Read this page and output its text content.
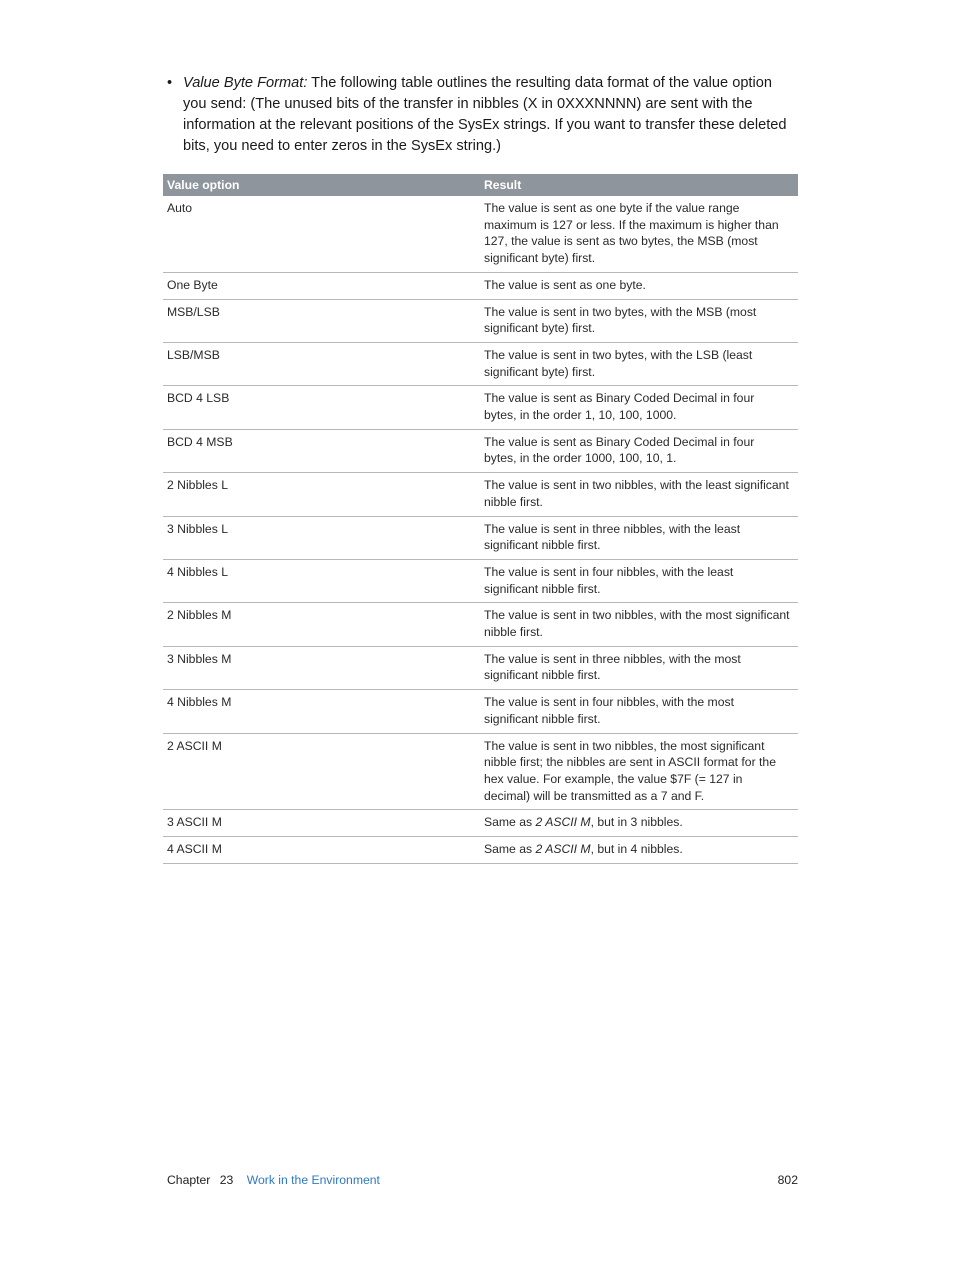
• Value Byte Format: The following table outlines the resulting data format of the value option you send: (The unused bits of the transfer in nibbles (X in 0XXXNNNN) are sent with the information at the relevant positions of the SysEx strings. If you want to transfer these deleted bits, you need to enter zeros in the SysEx string.)
Value option	Result
Auto	The value is sent as one byte if the value range maximum is 127 or less. If the maximum is higher than 127, the value is sent as two bytes, the MSB (most significant byte) first.
One Byte	The value is sent as one byte.
MSB/LSB	The value is sent in two bytes, with the MSB (most significant byte) first.
LSB/MSB	The value is sent in two bytes, with the LSB (least significant byte) first.
BCD 4 LSB	The value is sent as Binary Coded Decimal in four bytes, in the order 1, 10, 100, 1000.
BCD 4 MSB	The value is sent as Binary Coded Decimal in four bytes, in the order 1000, 100, 10, 1.
2 Nibbles L	The value is sent in two nibbles, with the least significant nibble first.
3 Nibbles L	The value is sent in three nibbles, with the least significant nibble first.
4 Nibbles L	The value is sent in four nibbles, with the least significant nibble first.
2 Nibbles M	The value is sent in two nibbles, with the most significant nibble first.
3 Nibbles M	The value is sent in three nibbles, with the most significant nibble first.
4 Nibbles M	The value is sent in four nibbles, with the most significant nibble first.
2 ASCII M	The value is sent in two nibbles, the most significant nibble first; the nibbles are sent in ASCII format for the hex value. For example, the value $7F (= 127 in decimal) will be transmitted as a 7 and F.
3 ASCII M	Same as 2 ASCII M, but in 3 nibbles.
4 ASCII M	Same as 2 ASCII M, but in 4 nibbles.
Chapter 23 Work in the Environment	802
